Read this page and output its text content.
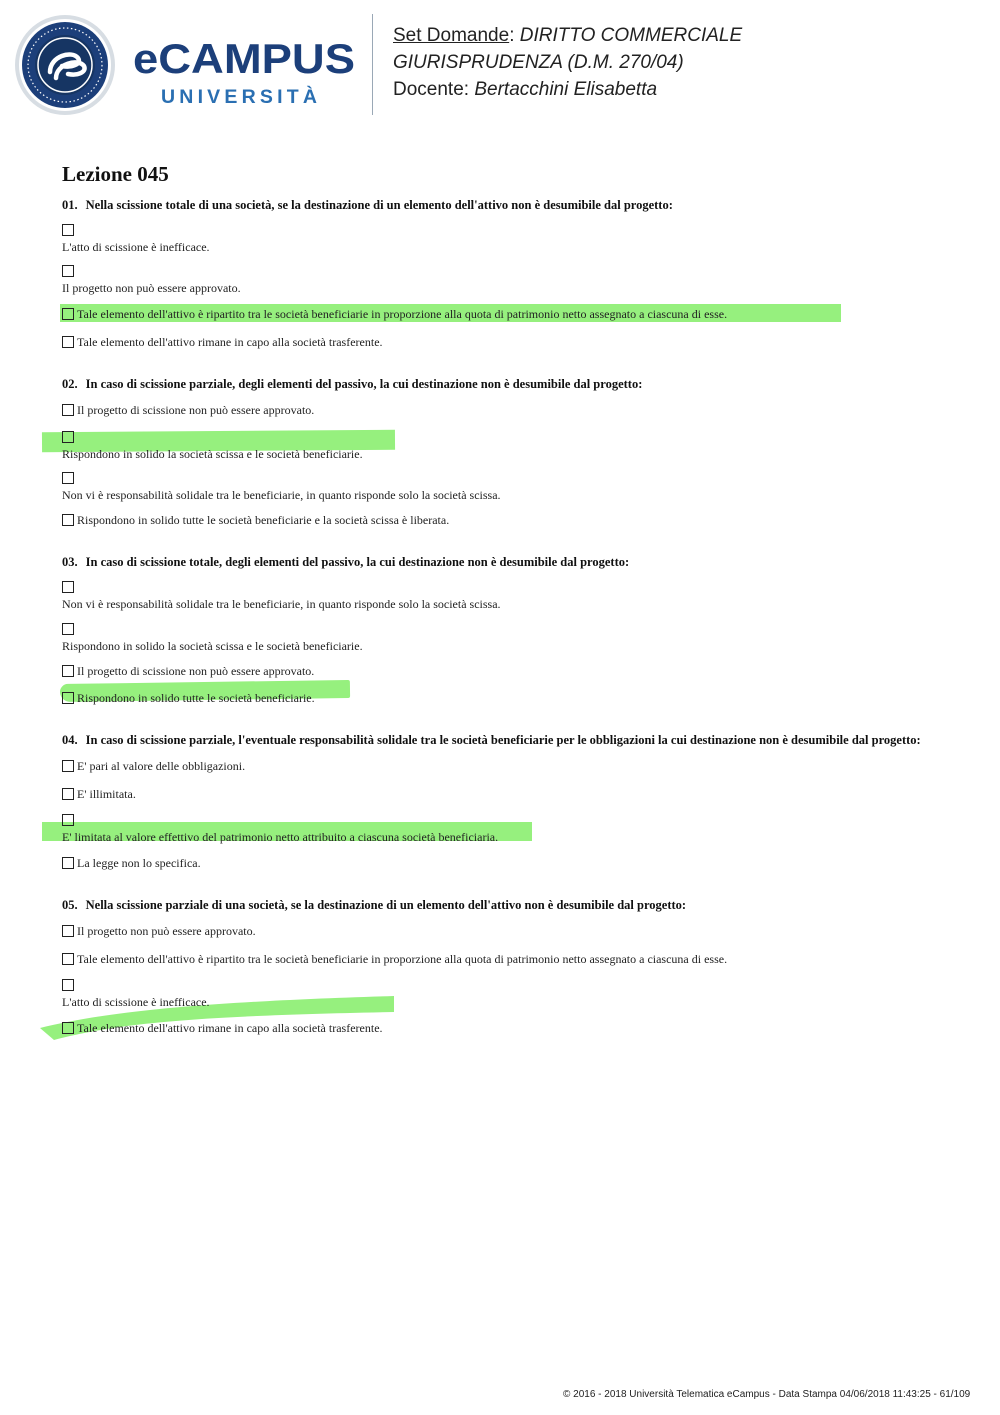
eCAMPUS
UNIVERSITÀ
Set Domande: DIRITTO COMMERCIALE
GIURISPRUDENZA (D.M. 270/04)
Docente: Bertacchini Elisabetta
Lezione 045
01. Nella scissione totale di una società, se la destinazione di un elemento dell'attivo non è desumibile dal progetto:
L'atto di scissione è inefficace.
Il progetto non può essere approvato.
Tale elemento dell'attivo è ripartito tra le società beneficiarie in proporzione alla quota di patrimonio netto assegnato a ciascuna di esse.
Tale elemento dell'attivo rimane in capo alla società trasferente.
02. In caso di scissione parziale, degli elementi del passivo, la cui destinazione non è desumibile dal progetto:
Il progetto di scissione non può essere approvato.
Rispondono in solido la società scissa e le società beneficiarie.
Non vi è responsabilità solidale tra le beneficiarie, in quanto risponde solo la società scissa.
Rispondono in solido tutte le società beneficiarie e la società scissa è liberata.
03. In caso di scissione totale, degli elementi del passivo, la cui destinazione non è desumibile dal progetto:
Non vi è responsabilità solidale tra le beneficiarie, in quanto risponde solo la società scissa.
Rispondono in solido la società scissa e le società beneficiarie.
Il progetto di scissione non può essere approvato.
Rispondono in solido tutte le società beneficiarie.
04. In caso di scissione parziale, l'eventuale responsabilità solidale tra le società beneficiarie per le obbligazioni la cui destinazione non è desumibile dal progetto:
E' pari al valore delle obbligazioni.
E' illimitata.
E' limitata al valore effettivo del patrimonio netto attribuito a ciascuna società beneficiaria.
La legge non lo specifica.
05. Nella scissione parziale di una società, se la destinazione di un elemento dell'attivo non è desumibile dal progetto:
Il progetto non può essere approvato.
Tale elemento dell'attivo è ripartito tra le società beneficiarie in proporzione alla quota di patrimonio netto assegnato a ciascuna di esse.
L'atto di scissione è inefficace.
Tale elemento dell'attivo rimane in capo alla società trasferente.
© 2016 - 2018 Università Telematica eCampus - Data Stampa 04/06/2018 11:43:25 - 61/109
